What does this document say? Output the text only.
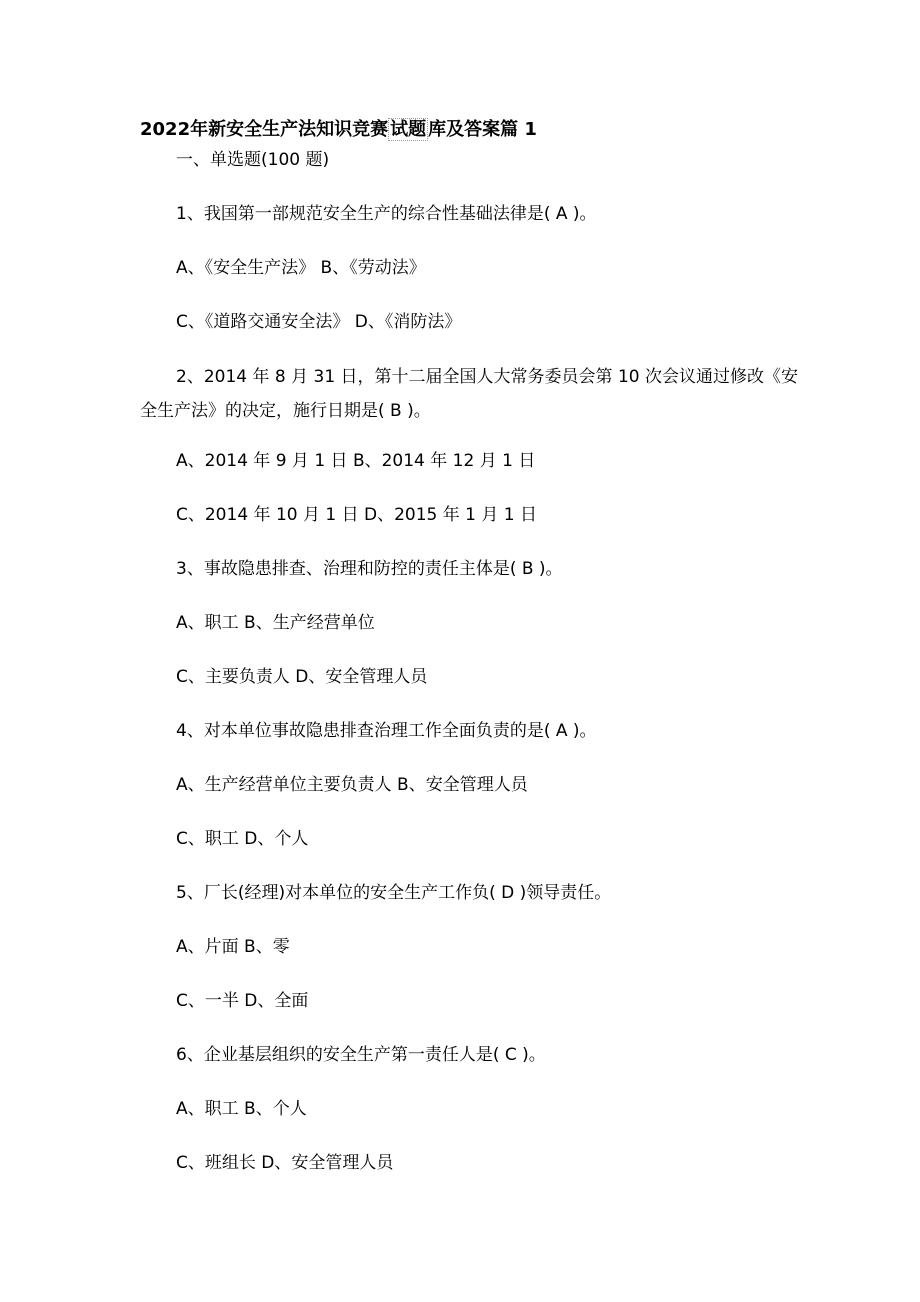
2022年新安全生产法知识竞赛 试题 库及答案篇 1
一、单选题(100 题)
1、我国第一部规范安全生产的综合性基础法律是( A )。
A、《安全生产法》 B、《劳动法》
C、《道路交通安全法》 D、《消防法》
2、2014 年 8 月 31 日，第十二届全国人大常务委员会第 10 次会议通过修改《安全生产法》的决定，施行日期是( B )。
A、2014 年 9 月 1 日 B、2014 年 12 月 1 日
C、2014 年 10 月 1 日 D、2015 年 1 月 1 日
3、事故隐患排查、治理和防控的责任主体是( B )。
A、职工 B、生产经营单位
C、主要负责人 D、安全管理人员
4、对本单位事故隐患排查治理工作全面负责的是( A )。
A、生产经营单位主要负责人 B、安全管理人员
C、职工 D、个人
5、厂长(经理)对本单位的安全生产工作负( D )领导责任。
A、片面 B、零
C、一半 D、全面
6、企业基层组织的安全生产第一责任人是( C )。
A、职工 B、个人
C、班组长 D、安全管理人员
